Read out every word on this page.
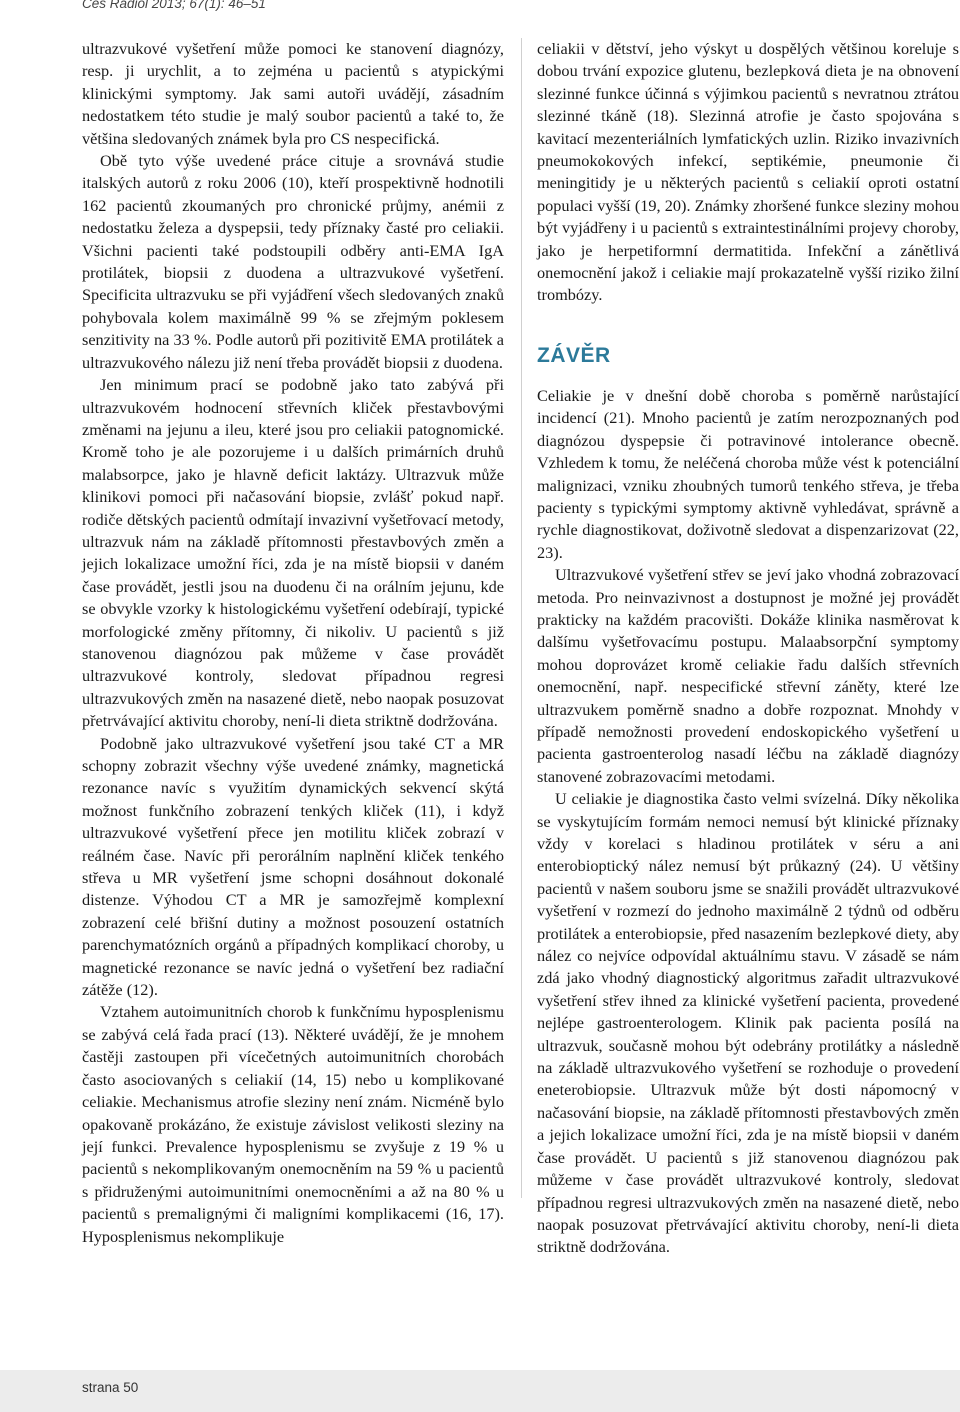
Ces Radiol 2013; 67(1): 46–51

ultrazvukové vyšetření může pomoci ke stanovení diagnózy, resp. ji urychlit, a to zejména u pacientů s atypickými klinickými symptomy. Jak sami autoři uvádějí, zásadním nedostatkem této studie je malý soubor pacientů a také to, že většina sledovaných známek byla pro CS nespecifická.

Obě tyto výše uvedené práce cituje a srovnává studie italských autorů z roku 2006 (10), kteří prospektivně hodnotili 162 pacientů zkoumaných pro chronické průjmy, anémii z nedostatku železa a dyspepsii, tedy příznaky časté pro celiakii. Všichni pacienti také podstoupili odběry anti-EMA IgA protilátek, biopsii z duodena a ultrazvukové vyšetření. Specificita ultrazvuku se při vyjádření všech sledovaných znaků pohybovala kolem maximálně 99 % se zřejmým poklesem senzitivity na 33 %. Podle autorů při pozitivitě EMA protilátek a ultrazvukového nálezu již není třeba provádět biopsii z duodena.

Jen minimum prací se podobně jako tato zabývá při ultrazvukovém hodnocení střevních kliček přestavbovými změnami na jejunu a ileu, které jsou pro celiakii patognomické. Kromě toho je ale pozorujeme i u dalších primárních druhů malabsorpce, jako je hlavně deficit laktázy. Ultrazvuk může klinikovi pomoci při načasování biopsie, zvlášť pokud např. rodiče dětských pacientů odmítají invazivní vyšetřovací metody, ultrazvuk nám na základě přítomnosti přestavbových změn a jejich lokalizace umožní říci, zda je na místě biopsii v daném čase provádět, jestli jsou na duodenu či na orálním jejunu, kde se obvykle vzorky k histologickému vyšetření odebírají, typické morfologické změny přítomny, či nikoliv. U pacientů s již stanovenou diagnózou pak můžeme v čase provádět ultrazvukové kontroly, sledovat případnou regresi ultrazvukových změn na nasazené dietě, nebo naopak posuzovat přetrvávající aktivitu choroby, není-li dieta striktně dodržována.

Podobně jako ultrazvukové vyšetření jsou také CT a MR schopny zobrazit všechny výše uvedené známky, magnetická rezonance navíc s využitím dynamických sekvencí skýtá možnost funkčního zobrazení tenkých kliček (11), i když ultrazvukové vyšetření přece jen motilitu kliček zobrazí v reálném čase. Navíc při perorálním naplnění kliček tenkého střeva u MR vyšetření jsme schopni dosáhnout dokonalé distenze. Výhodou CT a MR je samozřejmě komplexní zobrazení celé břišní dutiny a možnost posouzení ostatních parenchymatózních orgánů a případných komplikací choroby, u magnetické rezonance se navíc jedná o vyšetření bez radiační zátěže (12).

Vztahem autoimunitních chorob k funkčnímu hyposplenismu se zabývá celá řada prací (13). Některé uvádějí, že je mnohem častěji zastoupen při vícečetných autoimunitních chorobách často asociovaných s celiakií (14, 15) nebo u komplikované celiakie. Mechanismus atrofie sleziny není znám. Nicméně bylo opakovaně prokázáno, že existuje závislost velikosti sleziny na její funkci. Prevalence hyposplenismu se zvyšuje z 19 % u pacientů s nekomplikovaným onemocněním na 59 % u pacientů s přidruženými autoimunitními onemocněními a až na 80 % u pacientů s premalignými či maligními komplikacemi (16, 17). Hyposplenismus nekomplikuje

celiakii v dětství, jeho výskyt u dospělých většinou koreluje s dobou trvání expozice glutenu, bezlepková dieta je na obnovení slezinné funkce účinná s výjimkou pacientů s nevratnou ztrátou slezinné tkáně (18). Slezinná atrofie je často spojována s kavitací mezenteriálních lymfatických uzlin. Riziko invazivních pneumokokových infekcí, septikémie, pneumonie či meningitidy je u některých pacientů s celiakií oproti ostatní populaci vyšší (19, 20). Známky zhoršené funkce sleziny mohou být vyjádřeny i u pacientů s extraintestinálními projevy choroby, jako je herpetiformní dermatitida. Infekční a zánětlivá onemocnění jakož i celiakie mají prokazatelně vyšší riziko žilní trombózy.

ZÁVĚR

Celiakie je v dnešní době choroba s poměrně narůstající incidencí (21). Mnoho pacientů je zatím nerozpoznaných pod diagnózou dyspepsie či potravinové intolerance obecně. Vzhledem k tomu, že neléčená choroba může vést k potenciální malignizaci, vzniku zhoubných tumorů tenkého střeva, je třeba pacienty s typickými symptomy aktivně vyhledávat, správně a rychle diagnostikovat, doživotně sledovat a dispenzarizovat (22, 23).

Ultrazvukové vyšetření střev se jeví jako vhodná zobrazovací metoda. Pro neinvazivnost a dostupnost je možné jej provádět prakticky na každém pracovišti. Dokáže klinika nasměrovat k dalšímu vyšetřovacímu postupu. Malaabsorpční symptomy mohou doprovázet kromě celiakie řadu dalších střevních onemocnění, např. nespecifické střevní záněty, které lze ultrazvukem poměrně snadno a dobře rozpoznat. Mnohdy v případě nemožnosti provedení endoskopického vyšetření u pacienta gastroenterolog nasadí léčbu na základě diagnózy stanovené zobrazovacími metodami.

U celiakie je diagnostika často velmi svízelná. Díky několika se vyskytujícím formám nemoci nemusí být klinické příznaky vždy v korelaci s hladinou protilátek v séru a ani enterobioptický nález nemusí být průkazný (24). U většiny pacientů v našem souboru jsme se snažili provádět ultrazvukové vyšetření v rozmezí do jednoho maximálně 2 týdnů od odběru protilátek a enterobiopsie, před nasazením bezlepkové diety, aby nález co nejvíce odpovídal aktuálnímu stavu. V zásadě se nám zdá jako vhodný diagnostický algoritmus zařadit ultrazvukové vyšetření střev ihned za klinické vyšetření pacienta, provedené nejlépe gastroenterologem. Klinik pak pacienta posílá na ultrazvuk, současně mohou být odebrány protilátky a následně na základě ultrazvukového vyšetření se rozhoduje o provedení eneterobiopsie. Ultrazvuk může být dosti nápomocný v načasování biopsie, na základě přítomnosti přestavbových změn a jejich lokalizace umožní říci, zda je na místě biopsii v daném čase provádět. U pacientů s již stanovenou diagnózou pak můžeme v čase provádět ultrazvukové kontroly, sledovat případnou regresi ultrazvukových změn na nasazené dietě, nebo naopak posuzovat přetrvávající aktivitu choroby, není-li dieta striktně dodržována.

strana 50
